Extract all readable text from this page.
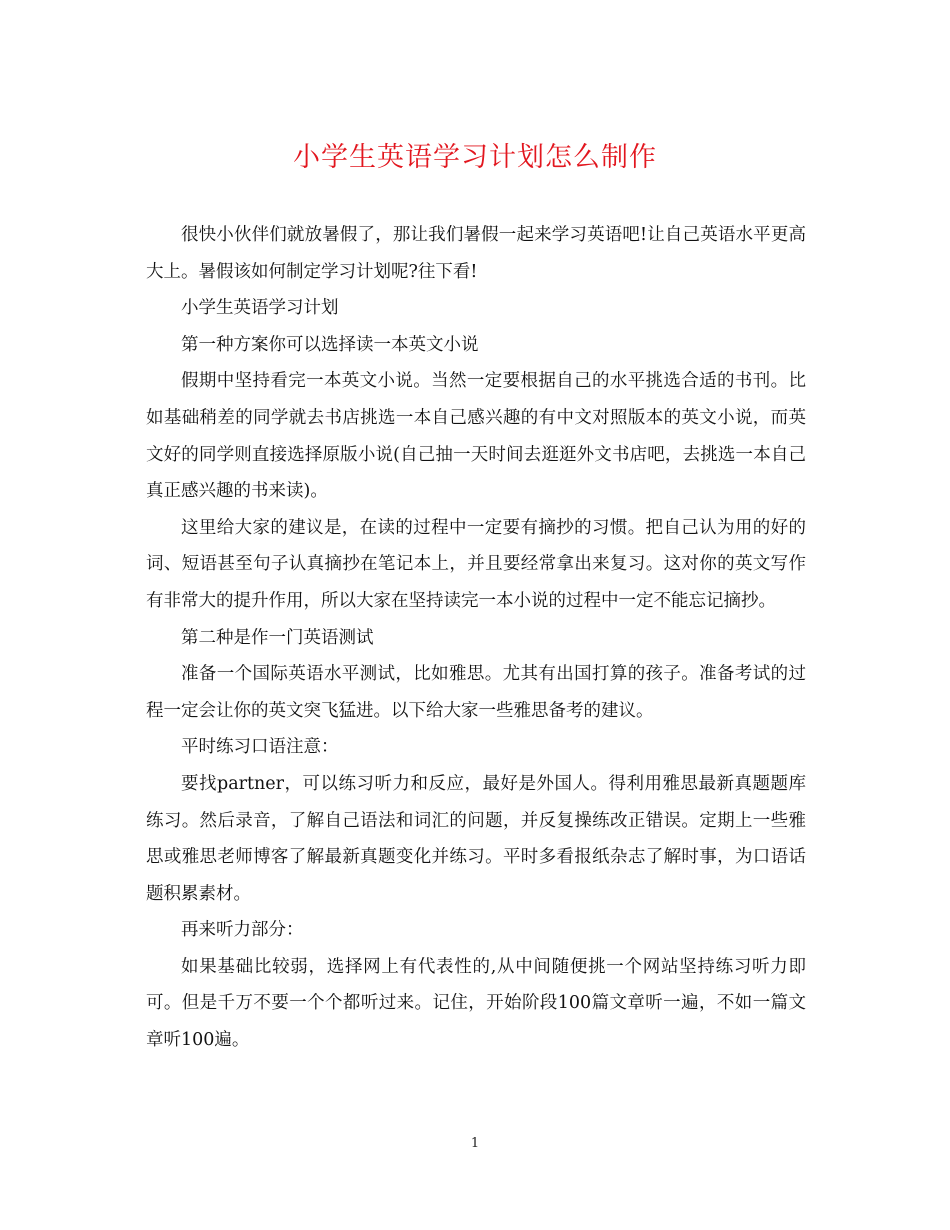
小学生英语学习计划怎么制作

很快小伙伴们就放暑假了，那让我们暑假一起来学习英语吧!让自己英语水平更高大上。暑假该如何制定学习计划呢?往下看!

小学生英语学习计划

第一种方案你可以选择读一本英文小说

假期中坚持看完一本英文小说。当然一定要根据自己的水平挑选合适的书刊。比如基础稍差的同学就去书店挑选一本自己感兴趣的有中文对照版本的英文小说，而英文好的同学则直接选择原版小说(自己抽一天时间去逛逛外文书店吧，去挑选一本自己真正感兴趣的书来读)。

这里给大家的建议是，在读的过程中一定要有摘抄的习惯。把自己认为用的好的词、短语甚至句子认真摘抄在笔记本上，并且要经常拿出来复习。这对你的英文写作有非常大的提升作用，所以大家在坚持读完一本小说的过程中一定不能忘记摘抄。

第二种是作一门英语测试

准备一个国际英语水平测试，比如雅思。尤其有出国打算的孩子。准备考试的过程一定会让你的英文突飞猛进。以下给大家一些雅思备考的建议。

平时练习口语注意：

要找partner，可以练习听力和反应，最好是外国人。得利用雅思最新真题题库练习。然后录音，了解自己语法和词汇的问题，并反复操练改正错误。定期上一些雅思或雅思老师博客了解最新真题变化并练习。平时多看报纸杂志了解时事，为口语话题积累素材。

再来听力部分：

如果基础比较弱，选择网上有代表性的,从中间随便挑一个网站坚持练习听力即可。但是千万不要一个个都听过来。记住，开始阶段100篇文章听一遍，不如一篇文章听100遍。

1
